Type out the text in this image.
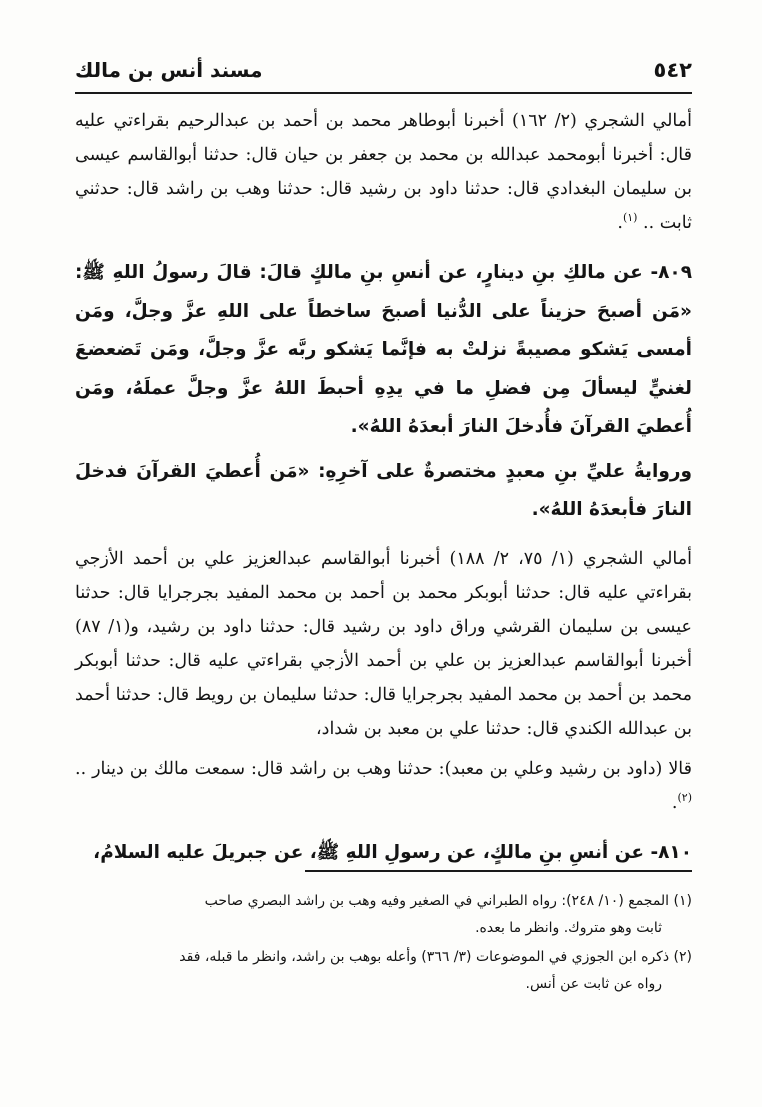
٥٤٢
مسند أنس بن مالك

أمالي الشجري (٢/ ١٦٢) أخبرنا أبوطاهر محمد بن أحمد بن عبدالرحيم بقراءتي عليه قال: أخبرنا أبومحمد عبدالله بن محمد بن جعفر بن حيان قال: حدثنا أبوالقاسم عيسى بن سليمان البغدادي قال: حدثنا داود بن رشيد قال: حدثنا وهب بن راشد قال: حدثني ثابت .. $^{(١)}$.

٨٠٩- عن مالكِ بنِ دينارٍ، عن أنسِ بنِ مالكٍ قالَ: قالَ رسولُ اللهِ ﷺ: «مَن أصبحَ حزيناً على الدُّنيا أصبحَ ساخطاً على اللهِ عزَّ وجلَّ، ومَن أمسى يَشكو مصيبةً نزلتْ به فإنَّما يَشكو ربَّه عزَّ وجلَّ، ومَن تَضعضعَ لغنيٍّ ليسألَ مِن فضلِ ما في يدِهِ أحبطَ اللهُ عزَّ وجلَّ عملَهُ، ومَن أُعطيَ القرآنَ فأُدخلَ النارَ أبعدَهُ اللهُ».

وروايةُ عليِّ بنِ معبدٍ مختصرةٌ على آخرِهِ: «مَن أُعطيَ القرآنَ فدخلَ النارَ فأبعدَهُ اللهُ».

أمالي الشجري (١/ ٧٥، ٢/ ١٨٨) أخبرنا أبوالقاسم عبدالعزيز علي بن أحمد الأزجي بقراءتي عليه قال: حدثنا أبوبكر محمد بن أحمد بن محمد المفيد بجرجرايا قال: حدثنا عيسى بن سليمان القرشي وراق داود بن رشيد قال: حدثنا داود بن رشيد، و(١/ ٨٧) أخبرنا أبوالقاسم عبدالعزيز بن علي بن أحمد الأزجي بقراءتي عليه قال: حدثنا أبوبكر محمد بن أحمد بن محمد المفيد بجرجرايا قال: حدثنا سليمان بن رويط قال: حدثنا أحمد بن عبدالله الكندي قال: حدثنا علي بن معبد بن شداد،

قالا (داود بن رشيد وعلي بن معبد): حدثنا وهب بن راشد قال: سمعت مالك بن دينار .. $^{(٢)}$.

٨١٠- عن أنسِ بنِ مالكٍ، عن رسولِ اللهِ ﷺ، عن جبريلَ عليه السلامُ،

(١) المجمع (١٠/ ٢٤٨): رواه الطبراني في الصغير وفيه وهب بن راشد البصري صاحب
ثابت وهو متروك. وانظر ما بعده.

(٢) ذكره ابن الجوزي في الموضوعات (٣/ ٣٦٦) وأعله بوهب بن راشد، وانظر ما قبله، فقد
رواه عن ثابت عن أنس.
